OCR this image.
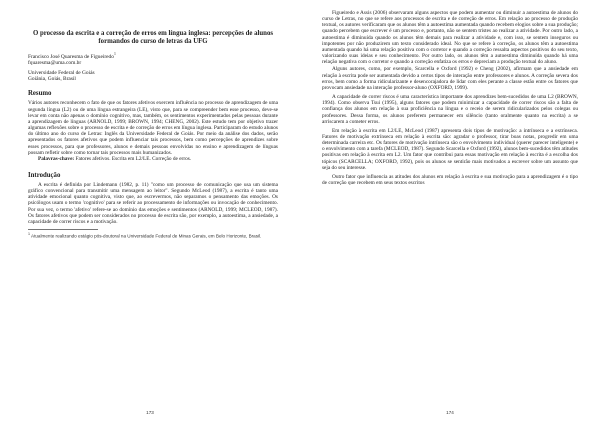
O processo da escrita e a correção de erros em língua inglesa: percepções de alunos formandos do curso de letras da UFG
Francisco José Quaresma de Figueiredo$^1$
fquaresma@uma.com.br
Universidade Federal de Goiás
Goiânia, Goiás, Brasil
Resumo

Vários autores reconhecem o fato de que os fatores afetivos exercem influência no processo de aprendizagem de uma segunda língua (L2) ou de uma língua estrangeira (LE), visto que, para se compreender bem esse processo, deve-se levar em conta não apenas o domínio cognitivo, mas, também, os sentimentos experimentados pelas pessoas durante a aprendizagem de línguas (ARNOLD, 1999; BROWN, 1994; CHENG, 2002). Este estudo tem por objetivo trazer algumas reflexões sobre o processo de escrita e de correção de erros em língua inglesa. Participaram do estudo alunos do último ano do curso de Letras: Inglês da Universidade Federal de Goiás. Por meio da análise dos dados, serão apresentados os fatores afetivos que podem influenciar tais processos, bem como percepções de aprendizes sobre esses processos, para que professores, alunos e demais pessoas envolvidas no ensino e aprendizagem de línguas possam refletir sobre como tornar tais processos mais humanizados.

Palavras-chave: Fatores afetivos. Escrita em L2/LE. Correção de erros.

Introdução

A escrita é definida por Lindemann (1982, p. 11) "como um processo de comunicação que usa um sistema gráfico convencional para transmitir uma mensagem ao leitor". Segundo McLeod (1987), a escrita é tanto uma atividade emocional quanto cognitiva, visto que, ao escrevermos, não separamos o pensamento das emoções. Os psicólogos usam o termo 'cognitivo' para se referir ao processamento de informações ou invocação de conhecimento. Por sua vez, o termo 'afetivo' refere-se ao domínio das emoções e sentimentos (ARNOLD, 1999; MCLEOD, 1987). Os fatores afetivos que podem ser considerados no processo de escrita são, por exemplo, a autoestima, a ansiedade, a capacidade de correr riscos e a motivação.

$^1$ Atualmente realizando estágio pós-doutoral na Universidade Federal de Minas Gerais, em Belo Horizonte, Brasil.
173

Figueiredo e Assis (2006) observaram alguns aspectos que podem aumentar ou diminuir a autoestima de alunos do curso de Letras, no que se refere aos processos de escrita e de correção de erros. Em relação ao processo de produção textual, os autores verificaram que os alunos têm a autoestima aumentada quando recebem elogios sobre a sua produção; quando percebem que escrever é um processo e, portanto, não se sentem tristes ao realizar a atividade. Por outro lado, a autoestima é diminuída quando os alunos têm demais para realizar a atividade e, com isso, se sentem inseguros ou impotentes por não produzirem um texto considerado ideal. No que se refere à correção, os alunos têm a autoestima aumentada quando há uma relação positiva com o corretor e quando a correção ressalta aspectos positivos do seu texto, valorizando suas ideias e seu conhecimento. Por outro lado, os alunos têm a autoestima diminuída quando há uma relação negativa com o corretor e quando a correção enfatiza os erros e depreciam a produção textual do aluno.

Alguns autores, como, por exemplo, Scarcella e Oxford (1992) e Cheng (2002), afirmam que a ansiedade em relação à escrita pode ser aumentada devido a certos tipos de interação entre professores e alunos. A correção severa dos erros, bem como a forma ridicularizante e desencorajadora de lidar com eles perante a classe estão entre os fatores que provocam ansiedade na interação professor-aluno (OXFORD, 1999).

A capacidade de correr riscos é uma característica importante dos aprendizes bem-sucedidos de uma L2 (BROWN, 1994). Como observa Tsui (1995), alguns fatores que podem minimizar a capacidade de correr riscos são a falta de confiança dos alunos em relação à sua proficiência na língua e o receio de serem ridicularizados pelos colegas ou professores. Dessa forma, os alunos preferem permanecer em silêncio (tanto oralmente quanto na escrita) a se arriscarem a cometer erros.

Em relação à escrita em L2/LE, McLeod (1987) apresenta dois tipos de motivação: a intrínseca e a extrínseca. Fatores de motivação extrínseca em relação à escrita são: agradar o professor, tirar boas notas, progredir em uma determinada carreira etc. Os fatores de motivação intrínseca são o envolvimento individual (querer parecer inteligente) e o envolvimento com a tarefa (MCLEOD, 1987). Segundo Scarcella e Oxford (1992), alunos bem-sucedidos têm atitudes positivas em relação à escrita em L2. Um fator que contribui para essas motivação em relação à escrita é a escolha dos tópicos (SCARCELLA; OXFORD, 1992), pois os alunos se sentirão mais motivados a escrever sobre um assunto que seja do seu interesse.

Outro fator que influencia as atitudes dos alunos em relação à escrita e sua motivação para a aprendizagem é o tipo de correção que recebem em seus textos escritos

174
